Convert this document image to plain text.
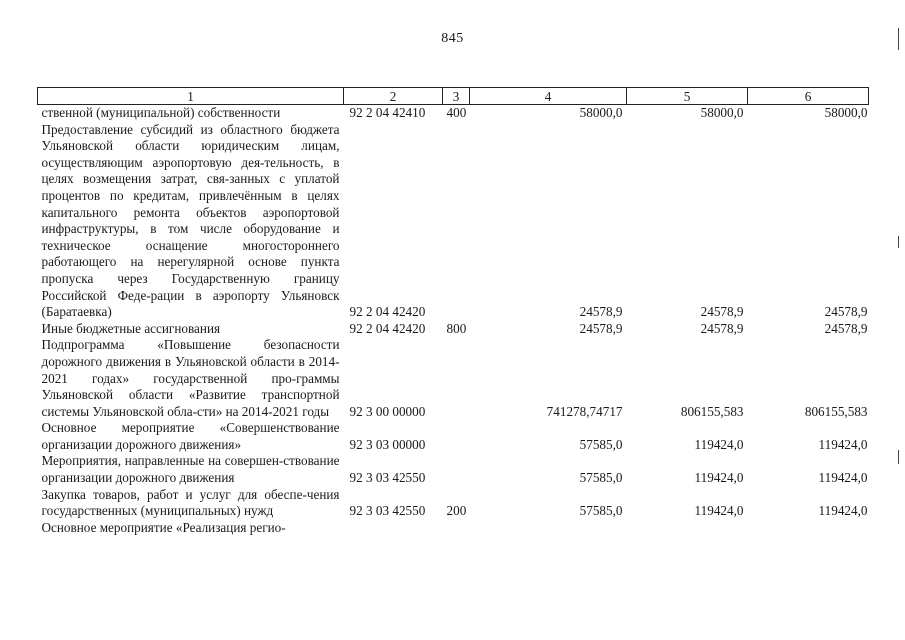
845
1	2	3	4	5	6
ственной (муниципальной) собственности	92 2 04 42410	400	58000,0	58000,0	58000,0
Предоставление субсидий из областного бюджета Ульяновской области юридическим лицам, осуществляющим аэропортовую дея-тельность, в целях возмещения затрат, свя-занных с уплатой процентов по кредитам, привлечённым в целях капитального ремонта объектов аэропортовой инфраструктуры, в том числе оборудование и техническое оснащение многостороннего работающего на нерегулярной основе пункта пропуска через Государственную границу Российской Феде-рации в аэропорту Ульяновск (Баратаевка)	92 2 04 42420		24578,9	24578,9	24578,9
Иные бюджетные ассигнования	92 2 04 42420	800	24578,9	24578,9	24578,9
Подпрограмма «Повышение безопасности дорожного движения в Ульяновской области в 2014-2021 годах» государственной про-граммы Ульяновской области «Развитие транспортной системы Ульяновской обла-сти» на 2014-2021 годы	92 3 00 00000		741278,74717	806155,583	806155,583
Основное мероприятие «Совершенствование организации дорожного движения»	92 3 03 00000		57585,0	119424,0	119424,0
Мероприятия, направленные на совершен-ствование организации дорожного движения	92 3 03 42550		57585,0	119424,0	119424,0
Закупка товаров, работ и услуг для обеспе-чения государственных (муниципальных) нужд	92 3 03 42550	200	57585,0	119424,0	119424,0
Основное мероприятие «Реализация регио-					
